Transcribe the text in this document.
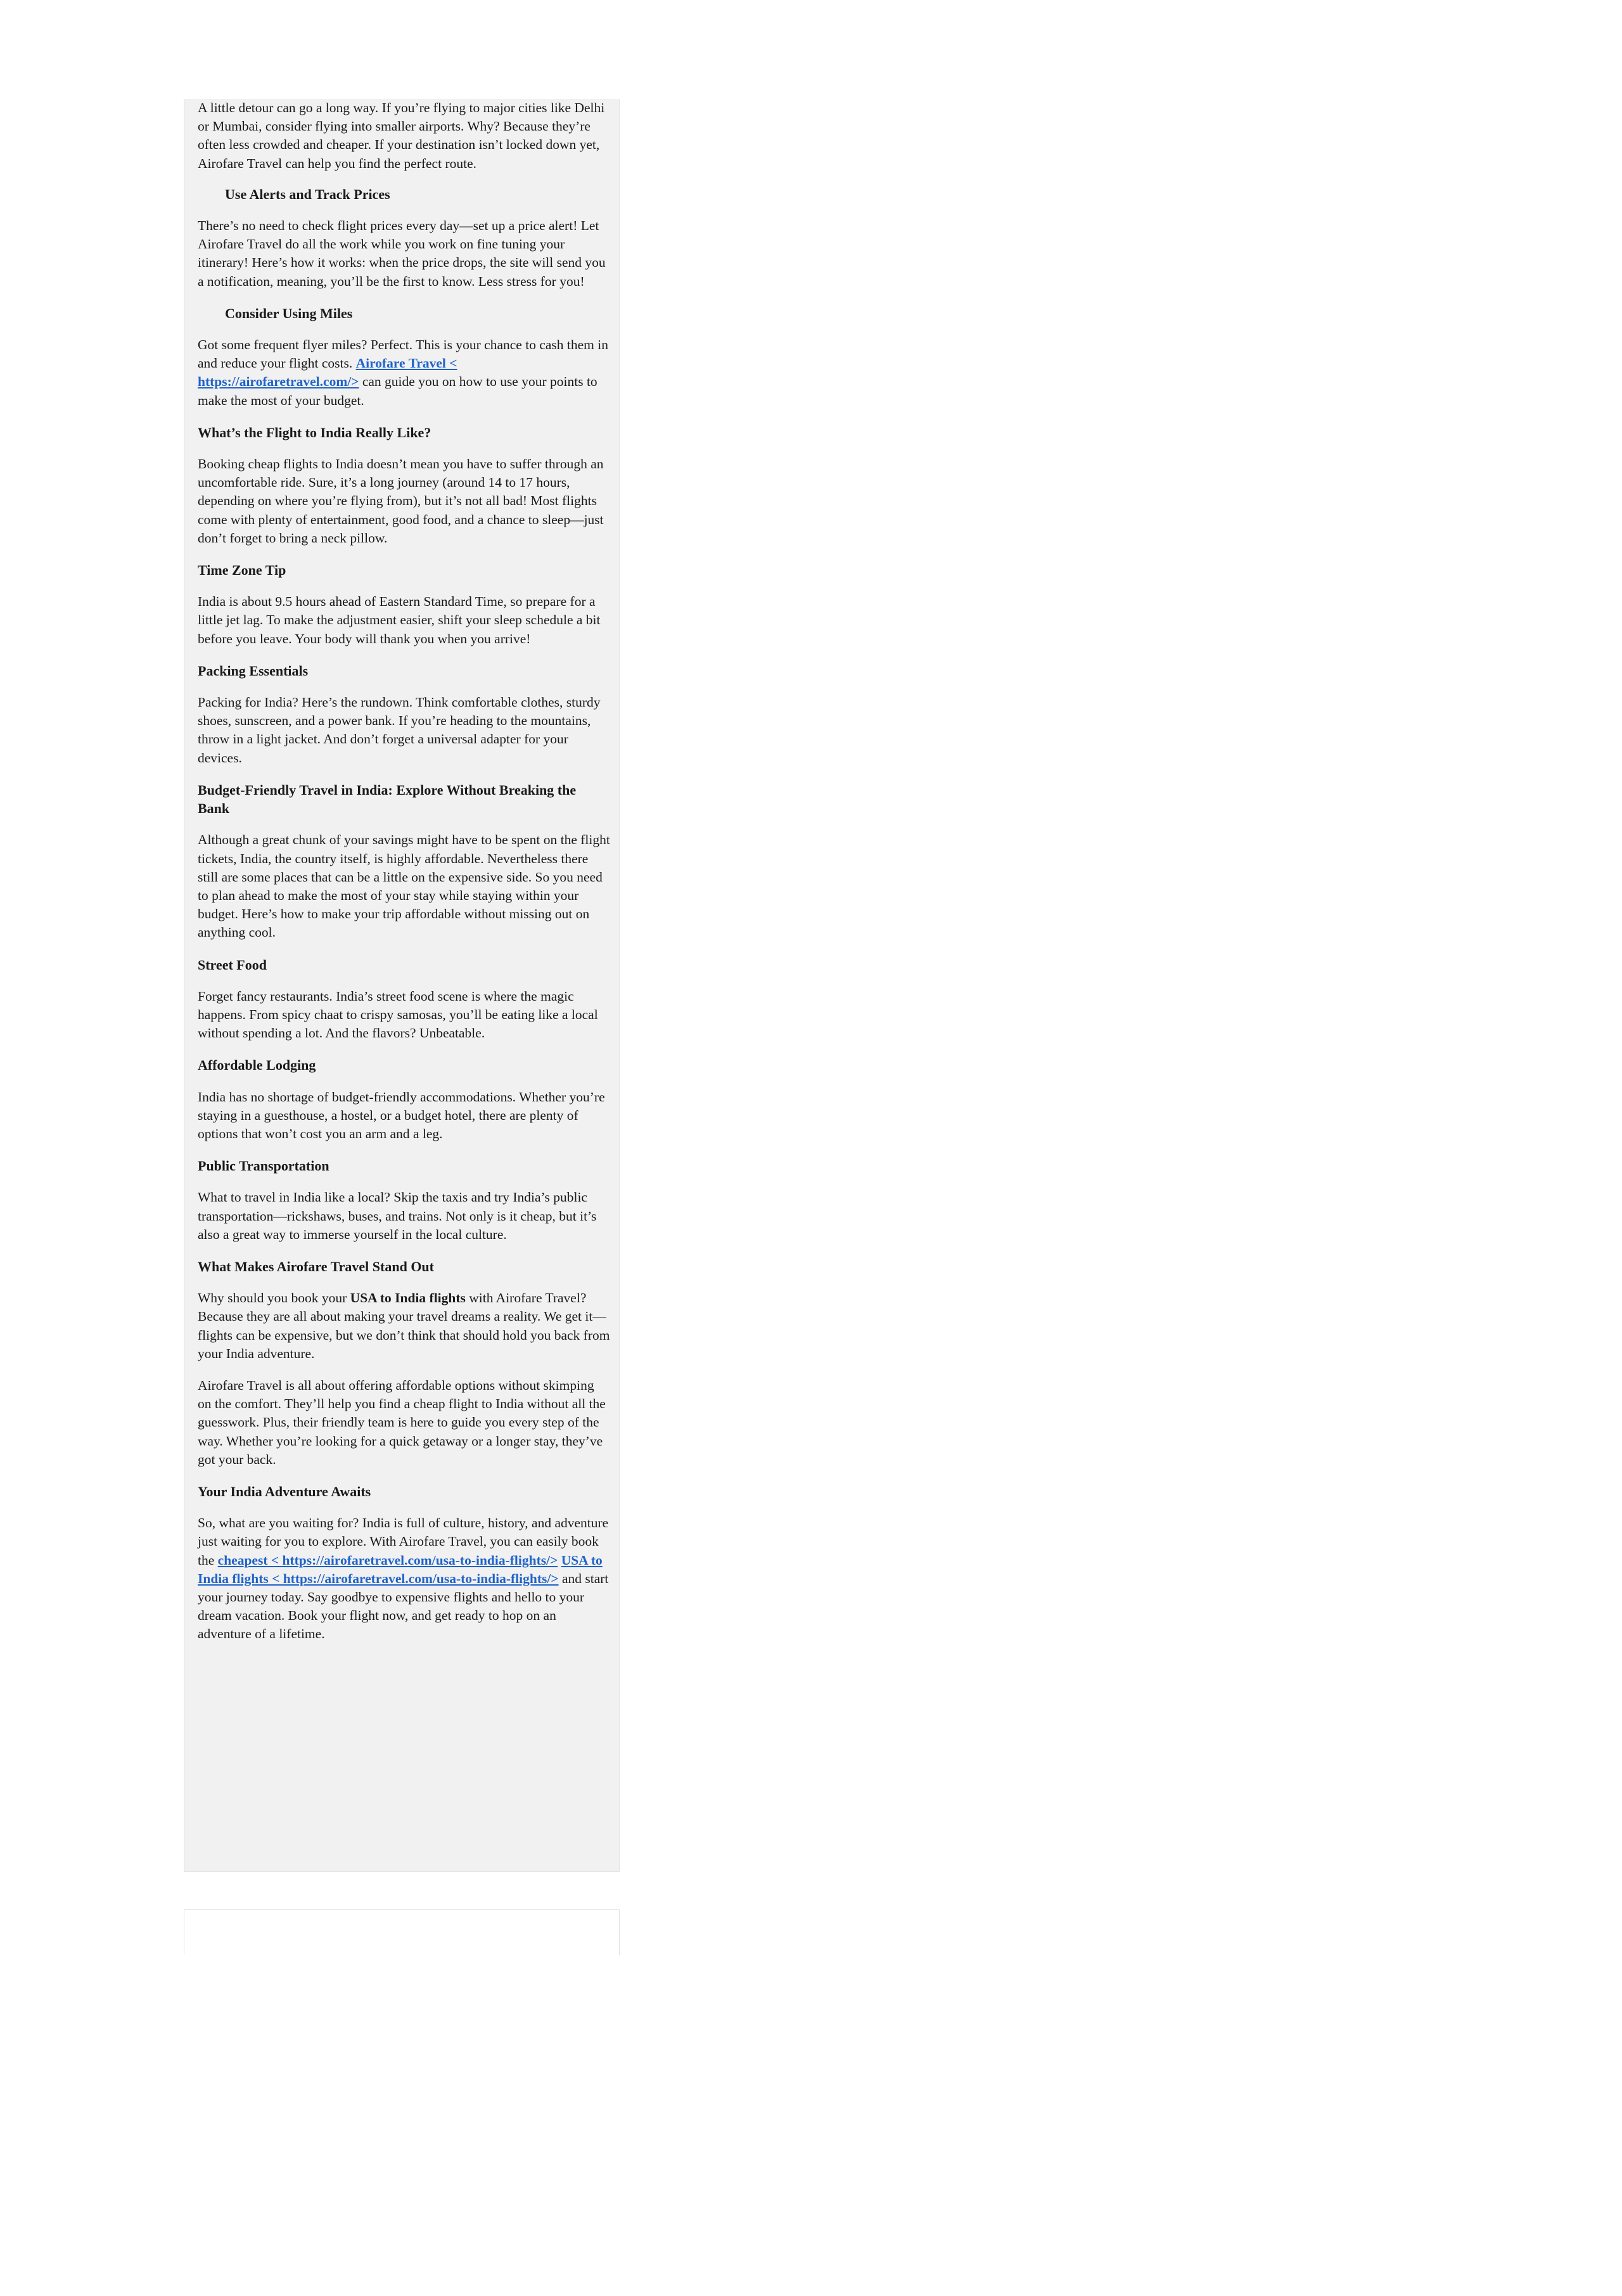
A little detour can go a long way. If you’re flying to major cities like Delhi or Mumbai, consider flying into smaller airports. Why? Because they’re often less crowded and cheaper. If your destination isn’t locked down yet, Airofare Travel can help you find the perfect route.

Use Alerts and Track Prices

There’s no need to check flight prices every day—set up a price alert! Let Airofare Travel do all the work while you work on fine tuning your itinerary! Here’s how it works: when the price drops, the site will send you a notification, meaning, you’ll be the first to know. Less stress for you!

Consider Using Miles

Got some frequent flyer miles? Perfect. This is your chance to cash them in and reduce your flight costs. Airofare Travel < https://airofaretravel.com/> can guide you on how to use your points to make the most of your budget.

What’s the Flight to India Really Like?

Booking cheap flights to India doesn’t mean you have to suffer through an uncomfortable ride. Sure, it’s a long journey (around 14 to 17 hours, depending on where you’re flying from), but it’s not all bad! Most flights come with plenty of entertainment, good food, and a chance to sleep—just don’t forget to bring a neck pillow.

Time Zone Tip

India is about 9.5 hours ahead of Eastern Standard Time, so prepare for a little jet lag. To make the adjustment easier, shift your sleep schedule a bit before you leave. Your body will thank you when you arrive!

Packing Essentials

Packing for India? Here’s the rundown. Think comfortable clothes, sturdy shoes, sunscreen, and a power bank. If you’re heading to the mountains, throw in a light jacket. And don’t forget a universal adapter for your devices.

Budget-Friendly Travel in India: Explore Without Breaking the Bank

Although a great chunk of your savings might have to be spent on the flight tickets, India, the country itself, is highly affordable. Nevertheless there still are some places that can be a little on the expensive side. So you need to plan ahead to make the most of your stay while staying within your budget. Here’s how to make your trip affordable without missing out on anything cool.

Street Food

Forget fancy restaurants. India’s street food scene is where the magic happens. From spicy chaat to crispy samosas, you’ll be eating like a local without spending a lot. And the flavors? Unbeatable.

Affordable Lodging

India has no shortage of budget-friendly accommodations. Whether you’re staying in a guesthouse, a hostel, or a budget hotel, there are plenty of options that won’t cost you an arm and a leg.

Public Transportation

What to travel in India like a local? Skip the taxis and try India’s public transportation—rickshaws, buses, and trains. Not only is it cheap, but it’s also a great way to immerse yourself in the local culture.

What Makes Airofare Travel Stand Out

Why should you book your USA to India flights with Airofare Travel? Because they are all about making your travel dreams a reality. We get it—flights can be expensive, but we don’t think that should hold you back from your India adventure.

Airofare Travel is all about offering affordable options without skimping on the comfort. They’ll help you find a cheap flight to India without all the guesswork. Plus, their friendly team is here to guide you every step of the way. Whether you’re looking for a quick getaway or a longer stay, they’ve got your back.

Your India Adventure Awaits

So, what are you waiting for? India is full of culture, history, and adventure just waiting for you to explore. With Airofare Travel, you can easily book the cheapest < https://airofaretravel.com/usa-to-india-flights/> USA to India flights < https://airofaretravel.com/usa-to-india-flights/> and start your journey today. Say goodbye to expensive flights and hello to your dream vacation. Book your flight now, and get ready to hop on an adventure of a lifetime.
